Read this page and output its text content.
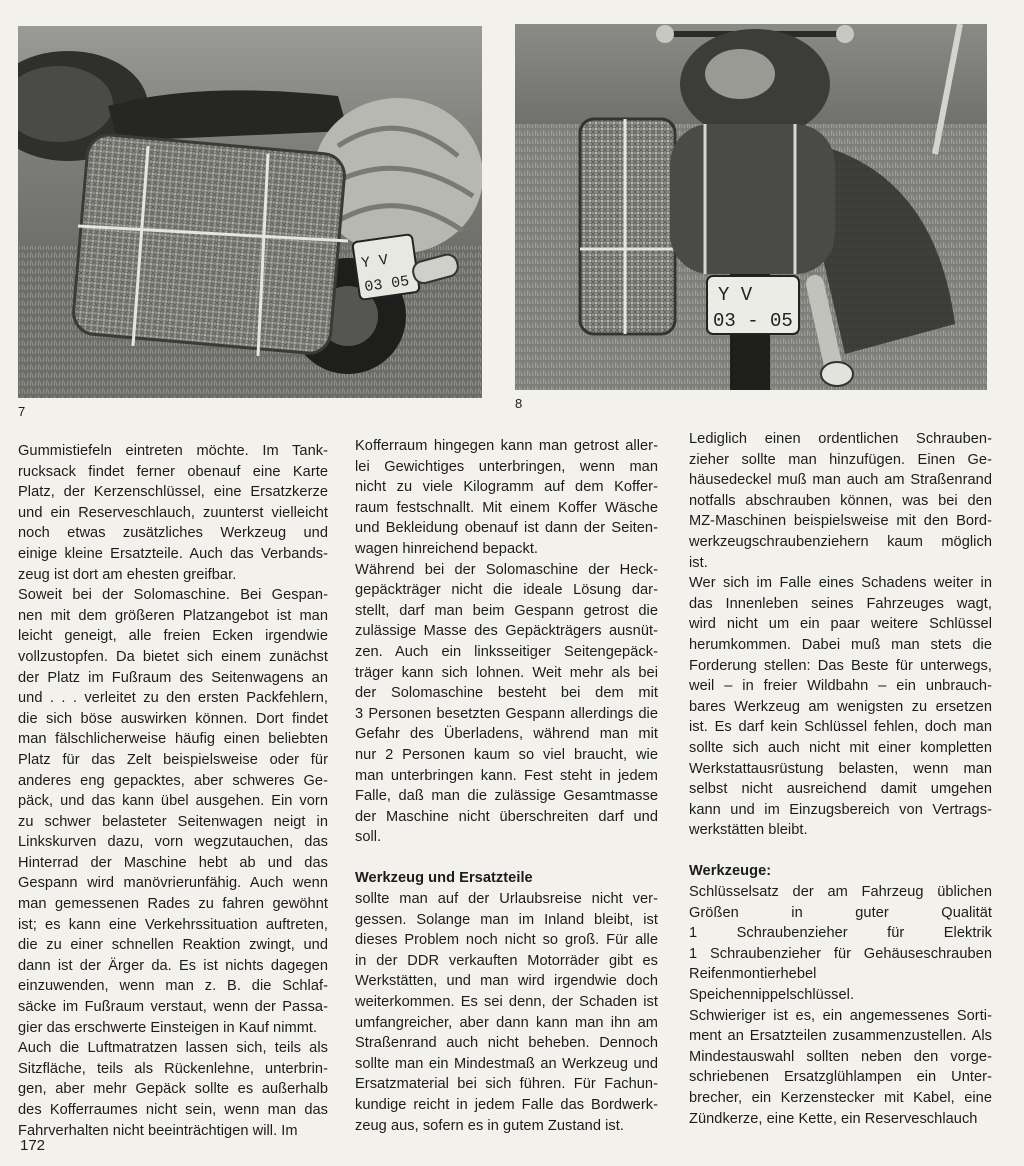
Y V
03 05
7
Y V
03 - 05
8
Gummistiefeln eintreten möchte. Im Tank-
rucksack findet ferner obenauf eine Karte
Platz, der Kerzenschlüssel, eine Ersatzkerze
und ein Reserveschlauch, zuunterst vielleicht
noch etwas zusätzliches Werkzeug und
einige kleine Ersatzteile. Auch das Verbands-
zeug ist dort am ehesten greifbar.
Soweit bei der Solomaschine. Bei Gespan-
nen mit dem größeren Platzangebot ist man
leicht geneigt, alle freien Ecken irgendwie
vollzustopfen. Da bietet sich einem zunächst
der Platz im Fußraum des Seitenwagens an
und . . . verleitet zu den ersten Packfehlern,
die sich böse auswirken können. Dort findet
man fälschlicherweise häufig einen beliebten
Platz für das Zelt beispielsweise oder für
anderes eng gepacktes, aber schweres Ge-
päck, und das kann übel ausgehen. Ein vorn
zu schwer belasteter Seitenwagen neigt in
Linkskurven dazu, vorn wegzutauchen, das
Hinterrad der Maschine hebt ab und das
Gespann wird manövrierunfähig. Auch wenn
man gemessenen Rades zu fahren gewöhnt
ist; es kann eine Verkehrssituation auftreten,
die zu einer schnellen Reaktion zwingt, und
dann ist der Ärger da. Es ist nichts dagegen
einzuwenden, wenn man z. B. die Schlaf-
säcke im Fußraum verstaut, wenn der Passa-
gier das erschwerte Einsteigen in Kauf nimmt.
Auch die Luftmatratzen lassen sich, teils als
Sitzfläche, teils als Rückenlehne, unterbrin-
gen, aber mehr Gepäck sollte es außerhalb
des Kofferraumes nicht sein, wenn man das
Fahrverhalten nicht beeinträchtigen will. Im
Kofferraum hingegen kann man getrost aller-
lei Gewichtiges unterbringen, wenn man
nicht zu viele Kilogramm auf dem Koffer-
raum festschnallt. Mit einem Koffer Wäsche
und Bekleidung obenauf ist dann der Seiten-
wagen hinreichend bepackt.
Während bei der Solomaschine der Heck-
gepäckträger nicht die ideale Lösung dar-
stellt, darf man beim Gespann getrost die
zulässige Masse des Gepäckträgers ausnüt-
zen. Auch ein linksseitiger Seitengepäck-
träger kann sich lohnen. Weit mehr als bei
der Solomaschine besteht bei dem mit
3 Personen besetzten Gespann allerdings die
Gefahr des Überladens, während man mit
nur 2 Personen kaum so viel braucht, wie
man unterbringen kann. Fest steht in jedem
Falle, daß man die zulässige Gesamtmasse
der Maschine nicht überschreiten darf und
soll.
Werkzeug und Ersatzteile
sollte man auf der Urlaubsreise nicht ver-
gessen. Solange man im Inland bleibt, ist
dieses Problem noch nicht so groß. Für alle
in der DDR verkauften Motorräder gibt es
Werkstätten, und man wird irgendwie doch
weiterkommen. Es sei denn, der Schaden ist
umfangreicher, aber dann kann man ihn am
Straßenrand auch nicht beheben. Dennoch
sollte man ein Mindestmaß an Werkzeug und
Ersatzmaterial bei sich führen. Für Fachun-
kundige reicht in jedem Falle das Bordwerk-
zeug aus, sofern es in gutem Zustand ist.
Lediglich einen ordentlichen Schrauben-
zieher sollte man hinzufügen. Einen Ge-
häusedeckel muß man auch am Straßenrand
notfalls abschrauben können, was bei den
MZ-Maschinen beispielsweise mit den Bord-
werkzeugschraubenziehern kaum möglich
ist.
Wer sich im Falle eines Schadens weiter in
das Innenleben seines Fahrzeuges wagt,
wird nicht um ein paar weitere Schlüssel
herumkommen. Dabei muß man stets die
Forderung stellen: Das Beste für unterwegs,
weil – in freier Wildbahn – ein unbrauch-
bares Werkzeug am wenigsten zu ersetzen
ist. Es darf kein Schlüssel fehlen, doch man
sollte sich auch nicht mit einer kompletten
Werkstattausrüstung belasten, wenn man
selbst nicht ausreichend damit umgehen
kann und im Einzugsbereich von Vertrags-
werkstätten bleibt.
Werkzeuge:
Schlüsselsatz der am Fahrzeug üblichen
Größen in guter Qualität
1 Schraubenzieher für Elektrik
1 Schraubenzieher für Gehäuseschrauben
Reifenmontierhebel
Speichennippelschlüssel.
Schwieriger ist es, ein angemessenes Sorti-
ment an Ersatzteilen zusammenzustellen. Als
Mindestauswahl sollten neben den vorge-
schriebenen Ersatzglühlampen ein Unter-
brecher, ein Kerzenstecker mit Kabel, eine
Zündkerze, eine Kette, ein Reserveschlauch
172
